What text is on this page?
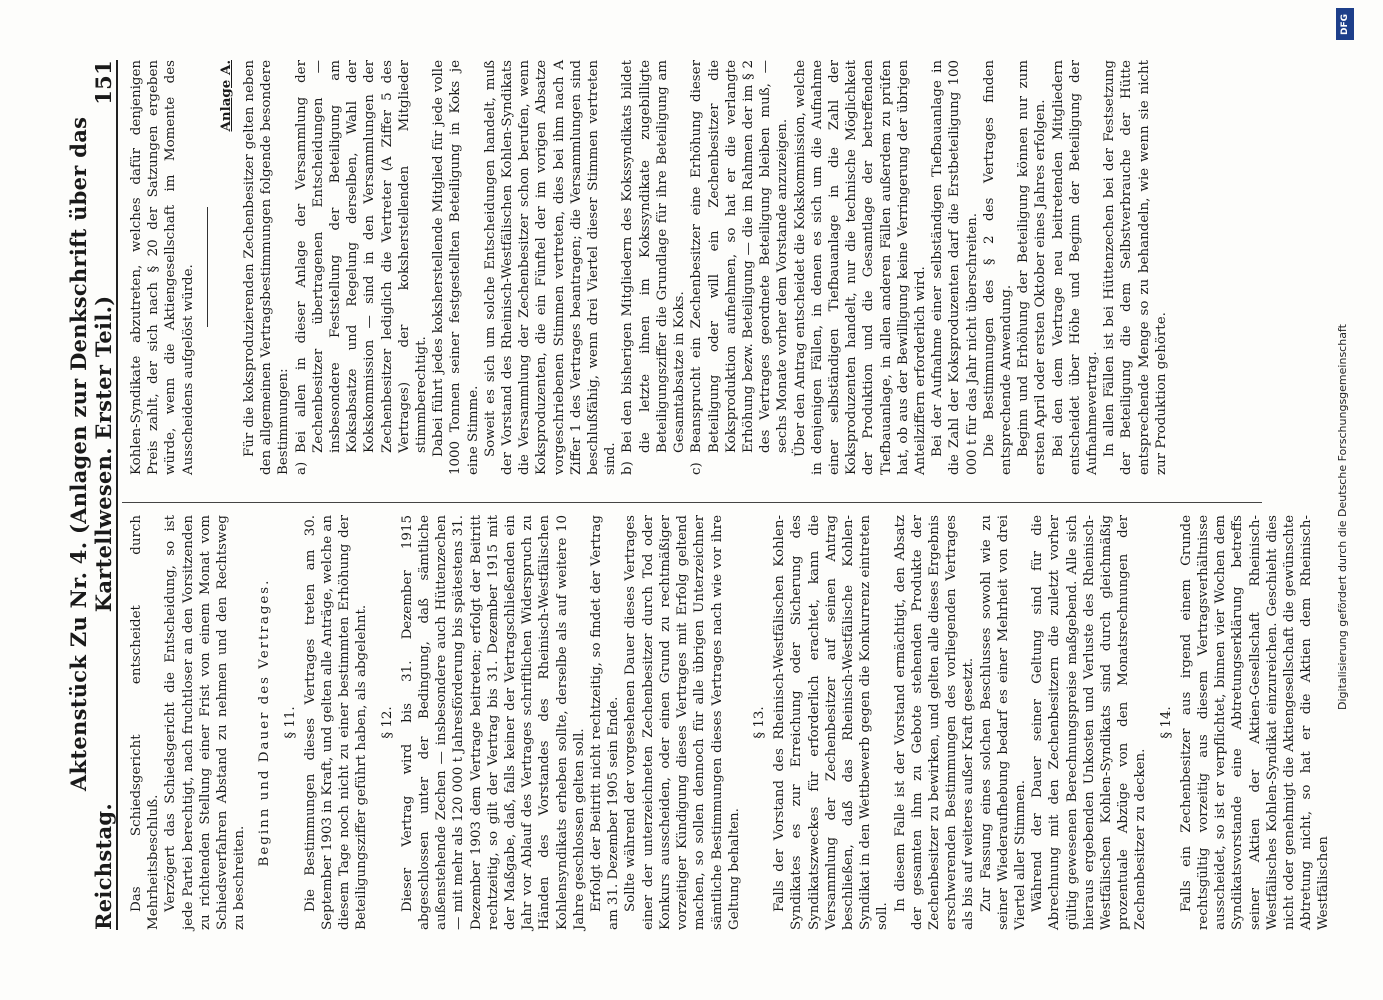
Reichstag.
Aktenstück Zu Nr. 4. (Anlagen zur Denkschrift über das Kartellwesen. Erster Teil.)
151

Das Schiedsgericht entscheidet durch Mehrheitsbeschluß. Verzögert das Schiedsgericht die Entscheidung, so ist jede Partei berechtigt, nach fruchtloser an den Vorsitzenden zu richtenden Stellung einer Frist von einem Monat vom Schiedsverfahren Abstand zu nehmen und den Rechtsweg zu beschreiten.

Beginn und Dauer des Vertrages. § 11. Die Bestimmungen dieses Vertrages treten am 30. September 1903 in Kraft, und gelten alle Anträge, welche an diesem Tage noch nicht zu einer bestimmten Erhöhung der Beteiligungsziffer geführt haben, als abgelehnt. § 12. Dieser Vertrag wird bis 31. Dezember 1915 abgeschlossen unter der Bedingung, daß sämtliche außenstehende Zechen — insbesondere auch Hüttenzechen — mit mehr als 120 000 t Jahresförderung bis spätestens 31. Dezember 1903 dem Vertrage beitreten; erfolgt der Beitritt rechtzeitig, so gilt der Vertrag bis 31. Dezember 1915 mit der Maßgabe, daß, falls keiner der Vertragschließenden ein Jahr vor Ablauf des Vertrages schriftlichen Widerspruch zu Händen des Vorstandes des Rheinisch-Westfälischen Kohlensyndikats erheben sollte, derselbe als auf weitere 10 Jahre geschlossen gelten soll. Erfolgt der Beitritt nicht rechtzeitig, so findet der Vertrag am 31. Dezember 1905 sein Ende. Sollte während der vorgesehenen Dauer dieses Vertrages einer der unterzeichneten Zechenbesitzer durch Tod oder Konkurs ausscheiden, oder einen Grund zu rechtmäßiger vorzeitiger Kündigung dieses Vertrages mit Erfolg geltend machen, so sollen dennoch für alle übrigen Unterzeichner sämtliche Bestimmungen dieses Vertrages nach wie vor ihre Geltung behalten.

§ 13. Falls der Vorstand des Rheinisch-Westfälischen Kohlen-Syndikates es zur Erreichung oder Sicherung des Syndikatszweckes für erforderlich erachtet, kann die Versammlung der Zechenbesitzer auf seinen Antrag beschließen, daß das Rheinisch-Westfälische Kohlen-Syndikat in den Wettbewerb gegen die Konkurrenz eintreten soll.

In diesem Falle ist der Vorstand ermächtigt, den Absatz der gesamten ihm zu Gebote stehenden Produkte der Zechenbesitzer zu bewirken, und gelten alle dieses Ergebnis erschwerenden Bestimmungen des vorliegenden Vertrages als bis auf weiteres außer Kraft gesetzt. Zur Fassung eines solchen Beschlusses sowohl wie zu seiner Wiederaufhebung bedarf es einer Mehrheit von drei Viertel aller Stimmen. Während der Dauer seiner Geltung sind für die Abrechnung mit den Zechenbesitzern die zuletzt vorher gültig gewesenen Berechnungspreise maßgebend. Alle sich hieraus ergebenden Unkosten und Verluste des Rheinisch-Westfälischen Kohlen-Syndikats sind durch gleichmäßig prozentuale Abzüge von den Monatsrechnungen der Zechenbesitzer zu decken.

§ 14. Falls ein Zechenbesitzer aus irgend einem Grunde rechtsgültig vorzeitig aus diesem Vertragsverhältnisse ausscheidet, so ist er verpflichtet, binnen vier Wochen dem Syndikatsvorstande eine Abtretungserklärung betreffs seiner Aktien der Aktien-Gesellschaft Rheinisch-Westfälisches Kohlen-Syndikat einzureichen. Geschieht dies nicht oder genehmigt die Aktiengesellschaft die gewünschte Abtretung nicht, so hat er die Aktien dem Rheinisch-Westfälischen

Kohlen-Syndikate abzutreten, welches dafür denjenigen Preis zahlt, der sich nach § 20 der Satzungen ergeben würde, wenn die Aktiengesellschaft im Momente des Ausscheidens aufgelöst würde.

Anlage A. Für die koksproduzierenden Zechenbesitzer gelten neben den allgemeinen Vertragsbestimmungen folgende besondere Bestimmungen: a)
Bei allen in dieser Anlage der Versammlung der Zechenbesitzer übertragenen Entscheidungen — insbesondere Feststellung der Beteiligung am Koksabsatze und Regelung derselben, Wahl der Kokskommission — sind in den Versammlungen der Zechenbesitzer lediglich die Vertreter (A Ziffer 5 des Vertrages) der koksherstellenden Mitglieder stimmberechtigt. Dabei führt jedes koksherstellende Mitglied für jede volle 1000 Tonnen seiner festgestellten Beteiligung in Koks je eine Stimme. Soweit es sich um solche Entscheidungen handelt, muß der Vorstand des Rheinisch-Westfälischen Kohlen-Syndikats die Versammlung der Zechenbesitzer schon berufen, wenn Koksproduzenten, die ein Fünftel der im vorigen Absatze vorgeschriebenen Stimmen vertreten, dies bei ihm nach A Ziffer 1 des Vertrages beantragen; die Versammlungen sind beschlußfähig, wenn drei Viertel dieser Stimmen vertreten sind. b)
Bei den bisherigen Mitgliedern des Kokssyndikats bildet die letzte ihnen im Kokssyndikate zugebilligte Beteiligungsziffer die Grundlage für ihre Beteiligung am Gesamtabsatze in Koks.

c)
Beansprucht ein Zechenbesitzer eine Erhöhung dieser Beteiligung oder will ein Zechenbesitzer die Koksproduktion aufnehmen, so hat er die verlangte Erhöhung bezw. Beteiligung — die im Rahmen der im § 2 des Vertrages geordnete Beteiligung bleiben muß, — sechs Monate vorher dem Vorstande anzuzeigen. Über den Antrag entscheidet die Kokskommission, welche in denjenigen Fällen, in denen es sich um die Aufnahme einer selbständigen Tiefbauanlage in die Zahl der Koksproduzenten handelt, nur die technische Möglichkeit der Produktion und die Gesamtlage der betreffenden Tiefbauanlage, in allen anderen Fällen außerdem zu prüfen hat, ob aus der Bewilligung keine Verringerung der übrigen Anteilziffern erforderlich wird. Bei der Aufnahme einer selbständigen Tiefbauanlage in die Zahl der Koksproduzenten darf die Erstbeteiligung 100 000 t für das Jahr nicht überschreiten. Die Bestimmungen des § 2 des Vertrages finden entsprechende Anwendung. Beginn und Erhöhung der Beteiligung können nur zum ersten April oder ersten Oktober eines Jahres erfolgen. Bei den dem Vertrage neu beitretenden Mitgliedern entscheidet über Höhe und Beginn der Beteiligung der Aufnahmevertrag. In allen Fällen ist bei Hüttenzechen bei der Festsetzung der Beteiligung die dem Selbstverbrauche der Hütte entsprechende Menge so zu behandeln, wie wenn sie nicht zur Produktion gehörte.

DFG
Digitalisierung gefördert durch die Deutsche Forschungsgemeinschaft
